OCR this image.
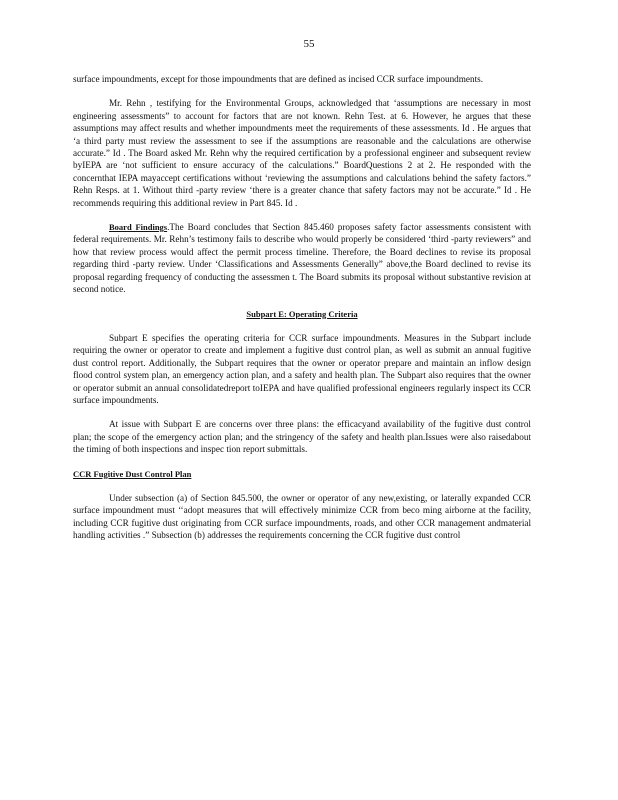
55

surface impoundments, except for those impoundments that are defined as incised CCR surface impoundments.

Mr. Rehn , testifying for the Environmental Groups, acknowledged that ‘assumptions are necessary in most engineering assessments” to account for factors that are not known. Rehn Test. at 6. However, he argues that these assumptions may affect results and whether impoundments meet the requirements of these assessments. Id . He argues that ‘a third party must review the assessment to see if the assumptions are reasonable and the calculations are otherwise accurate.” Id . The Board asked Mr. Rehn why the required certification by a professional engineer and subsequent review byIEPA are ‘not sufficient to ensure accuracy of the calculations.” BoardQuestions 2 at 2. He responded with the concernthat IEPA mayaccept certifications without ‘reviewing the assumptions and calculations behind the safety factors.” Rehn Resps. at 1. Without third -party review ‘there is a greater chance that safety factors may not be accurate.” Id . He recommends requiring this additional review in Part 845. Id .

Board Findings.The Board concludes that Section 845.460 proposes safety factor assessments consistent with federal requirements. Mr. Rehn’s testimony fails to describe who would properly be considered ‘third -party reviewers” and how that review process would affect the permit process timeline. Therefore, the Board declines to revise its proposal regarding third -party review. Under ‘Classifications and Assessments Generally” above,the Board declined to revise its proposal regarding frequency of conducting the assessmen t. The Board submits its proposal without substantive revision at second notice.

Subpart E: Operating Criteria

Subpart E specifies the operating criteria for CCR surface impoundments. Measures in the Subpart include requiring the owner or operator to create and implement a fugitive dust control plan, as well as submit an annual fugitive dust control report. Additionally, the Subpart requires that the owner or operator prepare and maintain an inflow design flood control system plan, an emergency action plan, and a safety and health plan. The Subpart also requires that the owner or operator submit an annual consolidatedreport toIEPA and have qualified professional engineers regularly inspect its CCR surface impoundments.

At issue with Subpart E are concerns over three plans: the efficacyand availability of the fugitive dust control plan; the scope of the emergency action plan; and the stringency of the safety and health plan.Issues were also raisedabout the timing of both inspections and inspec tion report submittals.

CCR Fugitive Dust Control Plan

Under subsection (a) of Section 845.500, the owner or operator of any new,existing, or laterally expanded CCR surface impoundment must ‘‘adopt measures that will effectively minimize CCR from beco ming airborne at the facility, including CCR fugitive dust originating from CCR surface impoundments, roads, and other CCR management andmaterial handling activities .” Subsection (b) addresses the requirements concerning the CCR fugitive dust control
